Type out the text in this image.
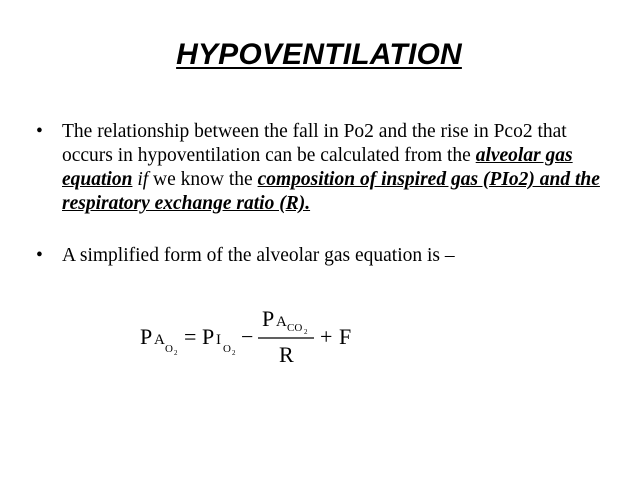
HYPOVENTILATION
• The relationship between the fall in Po2 and the rise in Pco2 that occurs in hypoventilation can be calculated from the alveolar gas equation if we know the composition of inspired gas (PIo2) and the respiratory exchange ratio (R).
• A simplified form of the alveolar gas equation is –
P A
O 2
= P I
O 2
−
P A CO 2
R
+ F
